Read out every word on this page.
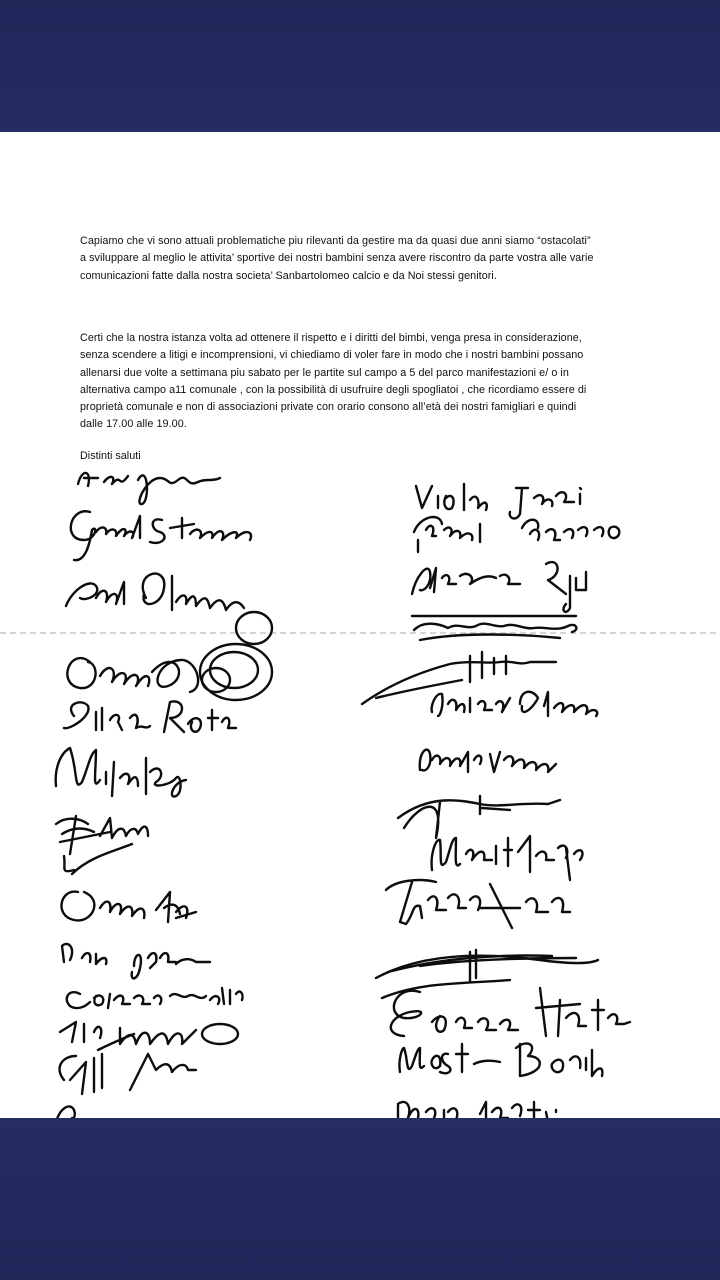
Capiamo che vi sono attuali problematiche piu rilevanti da gestire ma da quasi due anni siamo “ostacolati”
a sviluppare al meglio le attivita’ sportive dei nostri bambini senza avere riscontro da parte vostra alle varie
comunicazioni fatte dalla nostra societa’ Sanbartolomeo calcio e da Noi stessi genitori.
Certi che la nostra istanza volta ad ottenere il rispetto e i diritti del bimbi, venga presa in considerazione,
senza scendere a litigi e incomprensioni, vi chiediamo di voler fare in modo che i nostri bambini possano
allenarsi due volte a settimana piu sabato per le partite sul campo a 5 del parco manifestazioni e/ o in
alternativa campo a11 comunale , con la possibilità di usufruire degli spogliatoi , che ricordiamo essere di
proprietà comunale e non di associazioni private con orario consono all’età dei nostri famigliari e quindi
dalle 17.00 alle 19.00.
Distinti saluti
